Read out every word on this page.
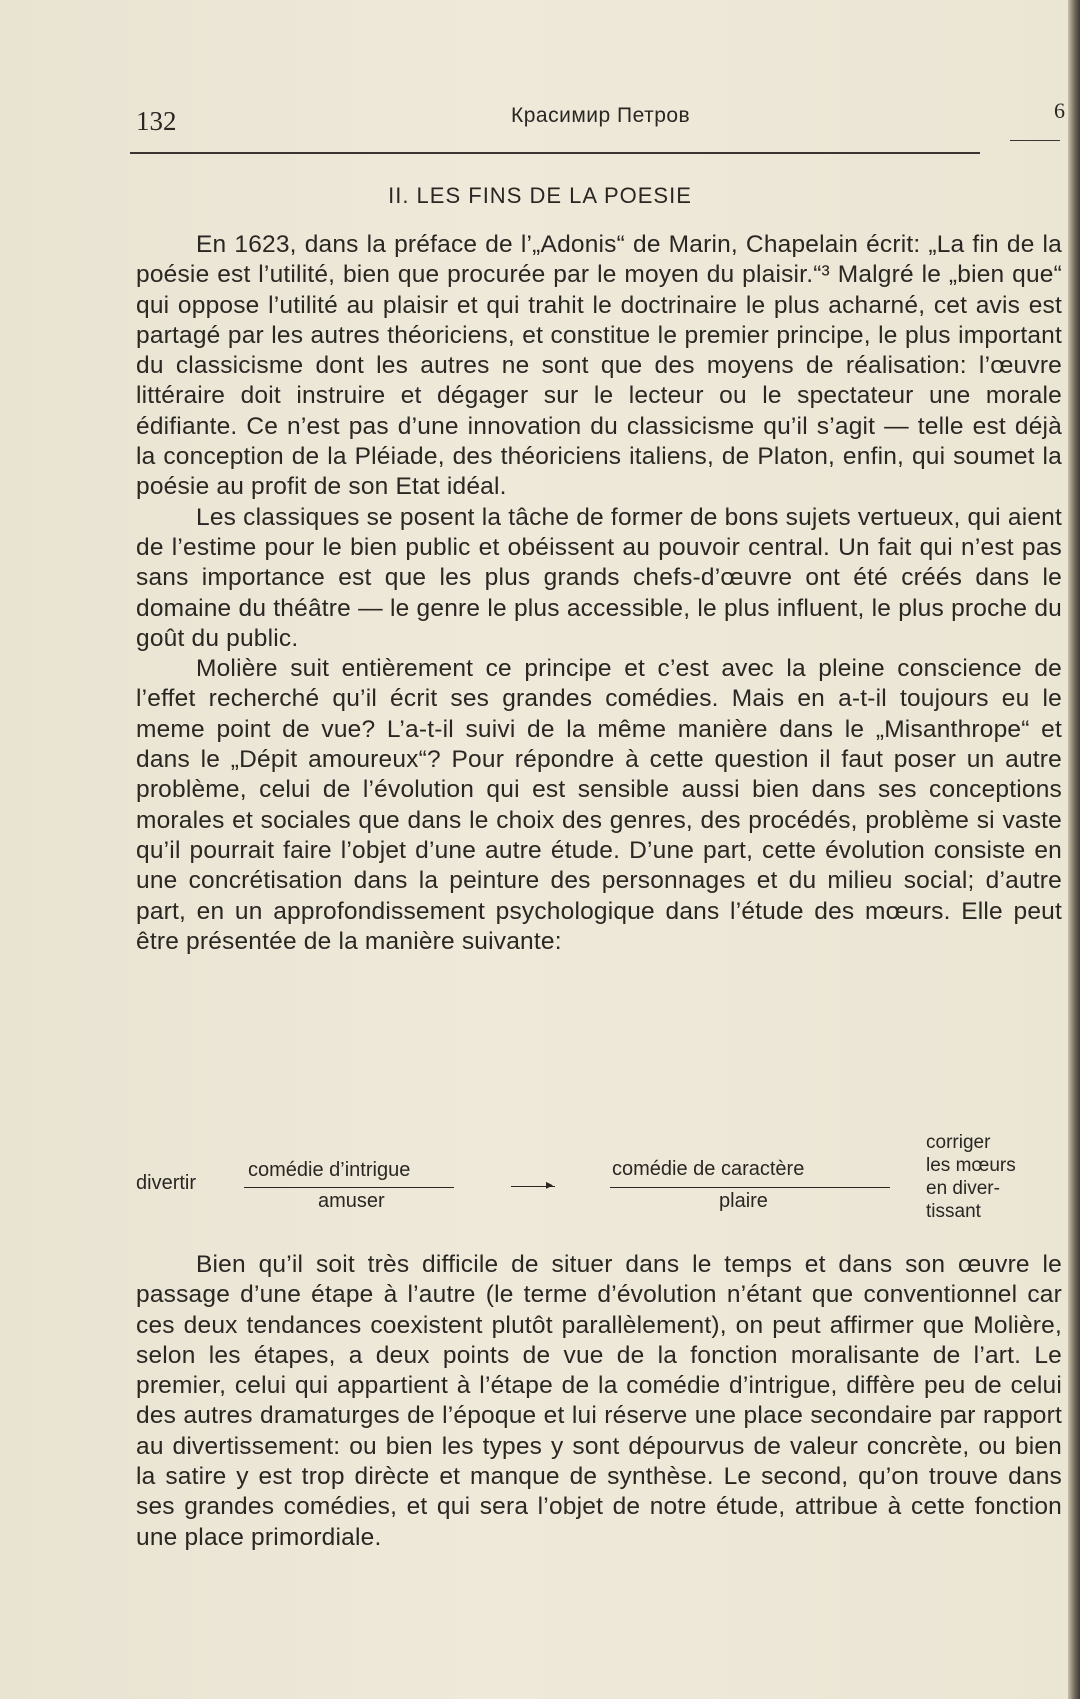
132	Красимир Петров	6
II. LES FINS DE LA POESIE

En 1623, dans la préface de l’„Adonis“ de Marin, Chapelain écrit: „La fin de la poésie est l’utilité, bien que procurée par le moyen du plaisir.“³ Malgré le „bien que“ qui oppose l’utilité au plaisir et qui trahit le doctrinaire le plus acharné, cet avis est partagé par les autres théoriciens, et constitue le premier principe, le plus important du classicisme dont les autres ne sont que des moyens de réalisation: l’œuvre littéraire doit instruire et dégager sur le lecteur ou le spectateur une morale édifiante. Ce n’est pas d’une innovation du classicisme qu’il s’agit — telle est déjà la conception de la Pléiade, des théoriciens italiens, de Platon, enfin, qui soumet la poésie au profit de son Etat idéal.

Les classiques se posent la tâche de former de bons sujets vertueux, qui aient de l’estime pour le bien public et obéissent au pouvoir central. Un fait qui n’est pas sans importance est que les plus grands chefs-d’œuvre ont été créés dans le domaine du théâtre — le genre le plus accessible, le plus influent, le plus proche du goût du public.

Molière suit entièrement ce principe et c’est avec la pleine conscience de l’effet recherché qu’il écrit ses grandes comédies. Mais en a-t-il toujours eu le meme point de vue? L’a-t-il suivi de la même manière dans le „Misanthrope“ et dans le „Dépit amoureux“? Pour répondre à cette question il faut poser un autre problème, celui de l’évolution qui est sensible aussi bien dans ses conceptions morales et sociales que dans le choix des genres, des procédés, problème si vaste qu’il pourrait faire l’objet d’une autre étude. D’une part, cette évolution consiste en une concrétisation dans la peinture des personnages et du milieu social; d’autre part, en un approfondissement psychologique dans l’étude des mœurs. Elle peut être présentée de la manière suivante:

divertir
comédie d’intrigue
amuser
▸
comédie de caractère
plaire
corriger
les mœurs
en diver-
tissant

Bien qu’il soit très difficile de situer dans le temps et dans son œuvre le passage d’une étape à l’autre (le terme d’évolution n’étant que conventionnel car ces deux tendances coexistent plutôt parallèlement), on peut affirmer que Molière, selon les étapes, a deux points de vue de la fonction moralisante de l’art. Le premier, celui qui appartient à l’étape de la comédie d’intrigue, diffère peu de celui des autres dramaturges de l’époque et lui réserve une place secondaire par rapport au divertissement: ou bien les types y sont dépourvus de valeur concrète, ou bien la satire y est trop dirècte et manque de synthèse. Le second, qu’on trouve dans ses grandes comédies, et qui sera l’objet de notre étude, attribue à cette fonction une place primordiale.
